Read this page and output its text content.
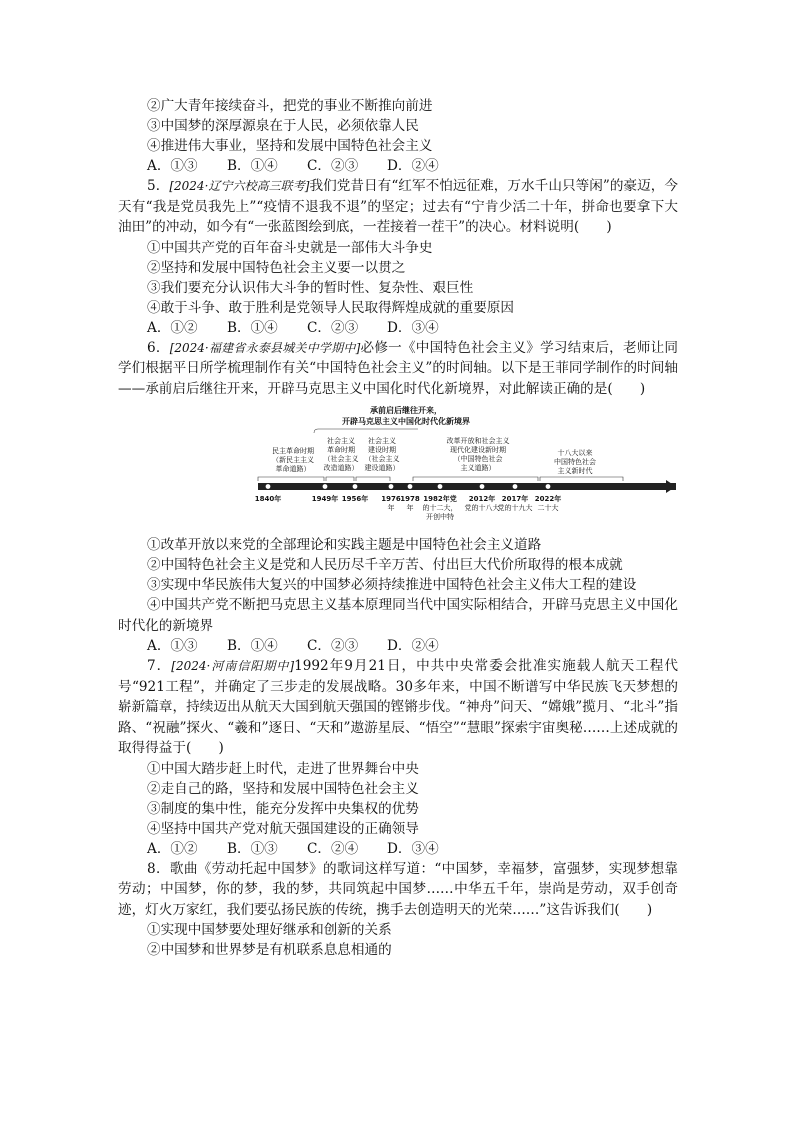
②广大青年接续奋斗，把党的事业不断推向前进
③中国梦的深厚源泉在于人民，必须依靠人民
④推进伟大事业，坚持和发展中国特色社会主义
A．①③ B．①④ C．②③ D．②④
5．[2024·辽宁六校高三联考]我们党昔日有“红军不怕远征难，万水千山只等闲”的豪迈，今天有“我是党员我先上”“疫情不退我不退”的坚定；过去有“宁肯少活二十年，拼命也要拿下大油田”的冲动，如今有“一张蓝图绘到底，一茬接着一茬干”的决心。材料说明(　　)
①中国共产党的百年奋斗史就是一部伟大斗争史
②坚持和发展中国特色社会主义要一以贯之
③我们要充分认识伟大斗争的暂时性、复杂性、艰巨性
④敢于斗争、敢于胜利是党领导人民取得辉煌成就的重要原因
A．①② B．①④ C．②③ D．③④
6．[2024·福建省永泰县城关中学期中]必修一《中国特色社会主义》学习结束后，老师让同学们根据平日所学梳理制作有关“中国特色社会主义”的时间轴。以下是王菲同学制作的时间轴——承前启后继往开来，开辟马克思主义中国化时代化新境界，对此解读正确的是(　　)
承前启后继往开来，
开辟马克思主义中国化时代化新境界
民主革命时期
（新民主主义
革命道路）
社会主义
革命时期
（社会主义
改造道路）
社会主义
建设时期
（社会主义
建设道路）
改革开放和社会主义
现代化建设新时期
（中国特色社会
主义道路）
十八大以来
中国特色社会
主义新时代
1840年	1949年 1956年 1976 1978 1982年党 2012年 2017年 2022年
年 年 的十二大， 党的十八大
党的十九大 二十大
开创中特
①改革开放以来党的全部理论和实践主题是中国特色社会主义道路
②中国特色社会主义是党和人民历尽千辛万苦、付出巨大代价所取得的根本成就
③实现中华民族伟大复兴的中国梦必须持续推进中国特色社会主义伟大工程的建设
④中国共产党不断把马克思主义基本原理同当代中国实际相结合，开辟马克思主义中国化时代化的新境界
A．①③ B．①④ C．②③ D．②④
7．[2024·河南信阳期中]1992年9月21日，中共中央常委会批准实施载人航天工程代号“921工程”，并确定了三步走的发展战略。30多年来，中国不断谱写中华民族飞天梦想的崭新篇章，持续迈出从航天大国到航天强国的铿锵步伐。“神舟”问天、“嫦娥”揽月、“北斗”指路、“祝融”探火、“羲和”逐日、“天和”遨游星辰、“悟空”“慧眼”探索宇宙奥秘……上述成就的取得得益于(　　)
①中国大踏步赶上时代，走进了世界舞台中央
②走自己的路，坚持和发展中国特色社会主义
③制度的集中性，能充分发挥中央集权的优势
④坚持中国共产党对航天强国建设的正确领导
A．①② B．①③ C．②④ D．③④
8．歌曲《劳动托起中国梦》的歌词这样写道：“中国梦，幸福梦，富强梦，实现梦想靠劳动；中国梦，你的梦，我的梦，共同筑起中国梦……中华五千年，崇尚是劳动，双手创奇迹，灯火万家红，我们要弘扬民族的传统，携手去创造明天的光荣……”这告诉我们(　　)
①实现中国梦要处理好继承和创新的关系
②中国梦和世界梦是有机联系息息相通的
